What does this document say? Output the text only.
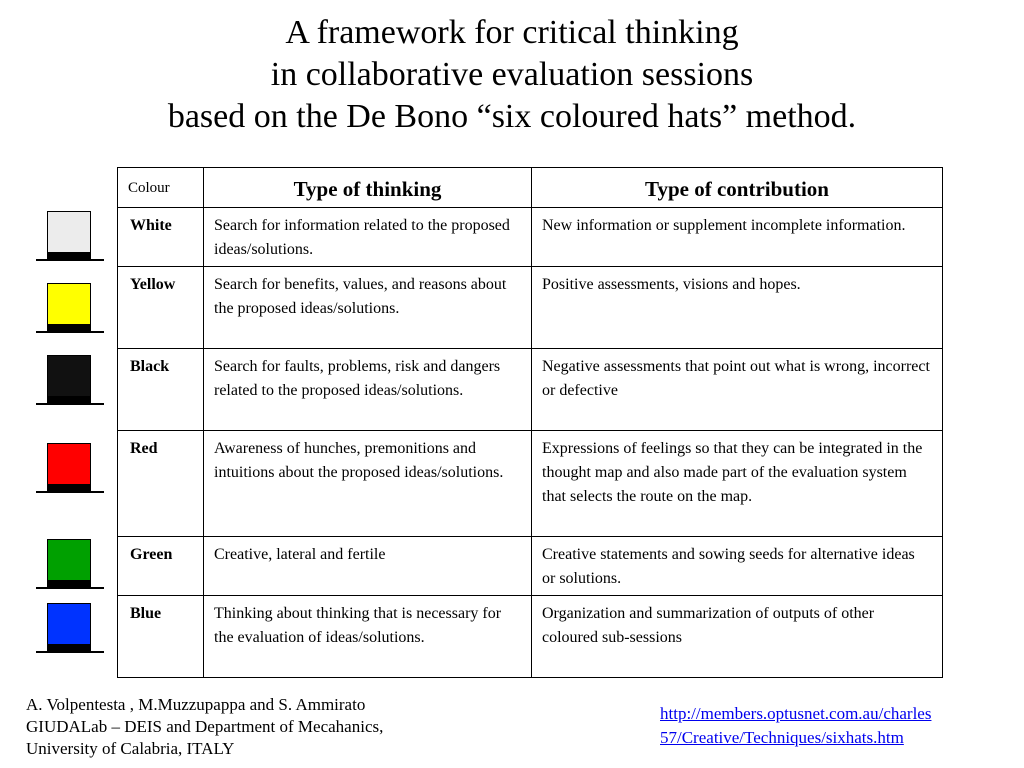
A framework for critical thinking
in collaborative evaluation sessions
based on the De Bono “six coloured hats” method.
Colour	Type of thinking	Type of contribution
White	Search for information related to the proposed ideas/solutions.	New information or supplement incomplete information.
Yellow	Search for benefits, values, and reasons about the proposed ideas/solutions.	Positive assessments, visions and hopes.
Black	Search for faults, problems, risk and dangers related to the proposed ideas/solutions.	Negative assessments that point out what is wrong, incorrect or defective
Red	Awareness of hunches, premonitions and intuitions about the proposed ideas/solutions.	Expressions of feelings so that they can be integrated in the thought map and also made part of the evaluation system that selects the route on the map.
Green	Creative, lateral and fertile	Creative statements and sowing seeds for alternative ideas or solutions.
Blue	Thinking about thinking that is necessary for the evaluation of ideas/solutions.	Organization and summarization of outputs of other coloured sub-sessions
A. Volpentesta , M.Muzzupappa and S. Ammirato
GIUDALab – DEIS and Department of Mecahanics,
University of Calabria, ITALY
http://members.optusnet.com.au/charles
57/Creative/Techniques/sixhats.htm
